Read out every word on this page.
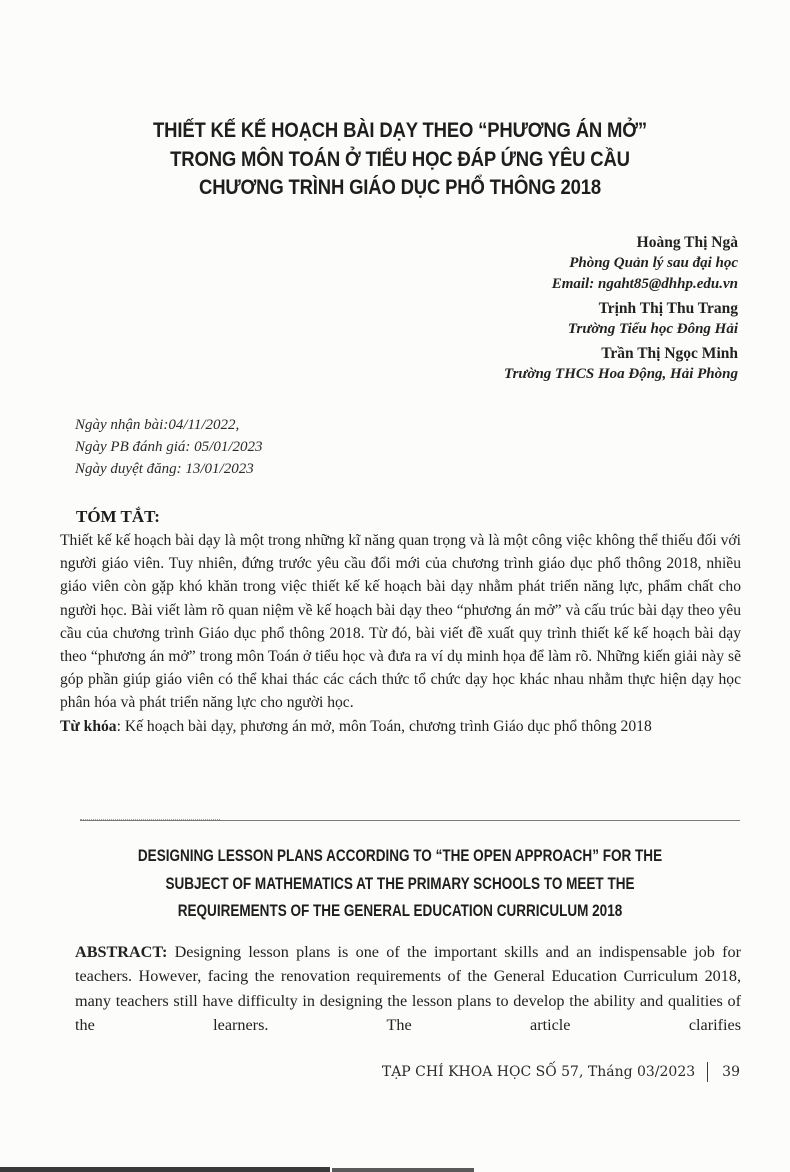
THIẾT KẾ KẾ HOẠCH BÀI DẠY THEO “PHƯƠNG ÁN MỞ”
TRONG MÔN TOÁN Ở TIỂU HỌC ĐÁP ỨNG YÊU CẦU
CHƯƠNG TRÌNH GIÁO DỤC PHỔ THÔNG 2018
Hoàng Thị Ngà
Phòng Quản lý sau đại học
Email: ngaht85@dhhp.edu.vn
Trịnh Thị Thu Trang
Trường Tiểu học Đông Hải
Trần Thị Ngọc Minh
Trường THCS Hoa Động, Hải Phòng
Ngày nhận bài:04/11/2022,
Ngày PB đánh giá: 05/01/2023
Ngày duyệt đăng: 13/01/2023
TÓM TẮT:

Thiết kế kế hoạch bài dạy là một trong những kĩ năng quan trọng và là một công việc không thể thiếu đối với người giáo viên. Tuy nhiên, đứng trước yêu cầu đổi mới của chương trình giáo dục phổ thông 2018, nhiều giáo viên còn gặp khó khăn trong việc thiết kế kế hoạch bài dạy nhằm phát triển năng lực, phẩm chất cho người học. Bài viết làm rõ quan niệm về kế hoạch bài dạy theo “phương án mở” và cấu trúc bài dạy theo yêu cầu của chương trình Giáo dục phổ thông 2018. Từ đó, bài viết đề xuất quy trình thiết kế kế hoạch bài dạy theo “phương án mở” trong môn Toán ở tiểu học và đưa ra ví dụ minh họa để làm rõ. Những kiến giải này sẽ góp phần giúp giáo viên có thể khai thác các cách thức tổ chức dạy học khác nhau nhằm thực hiện dạy học phân hóa và phát triển năng lực cho người học.

Từ khóa: Kế hoạch bài dạy, phương án mở, môn Toán, chương trình Giáo dục phổ thông 2018

DESIGNING LESSON PLANS ACCORDING TO “THE OPEN APPROACH” FOR THE
SUBJECT OF MATHEMATICS AT THE PRIMARY SCHOOLS TO MEET THE
REQUIREMENTS OF THE GENERAL EDUCATION CURRICULUM 2018

ABSTRACT: Designing lesson plans is one of the important skills and an indispensable job for teachers. However, facing the renovation requirements of the General Education Curriculum 2018, many teachers still have difficulty in designing the lesson plans to develop the ability and qualities of the learners. The article clarifies

TẠP CHÍ KHOA HỌC SỐ 57, Tháng 03/2023 39
